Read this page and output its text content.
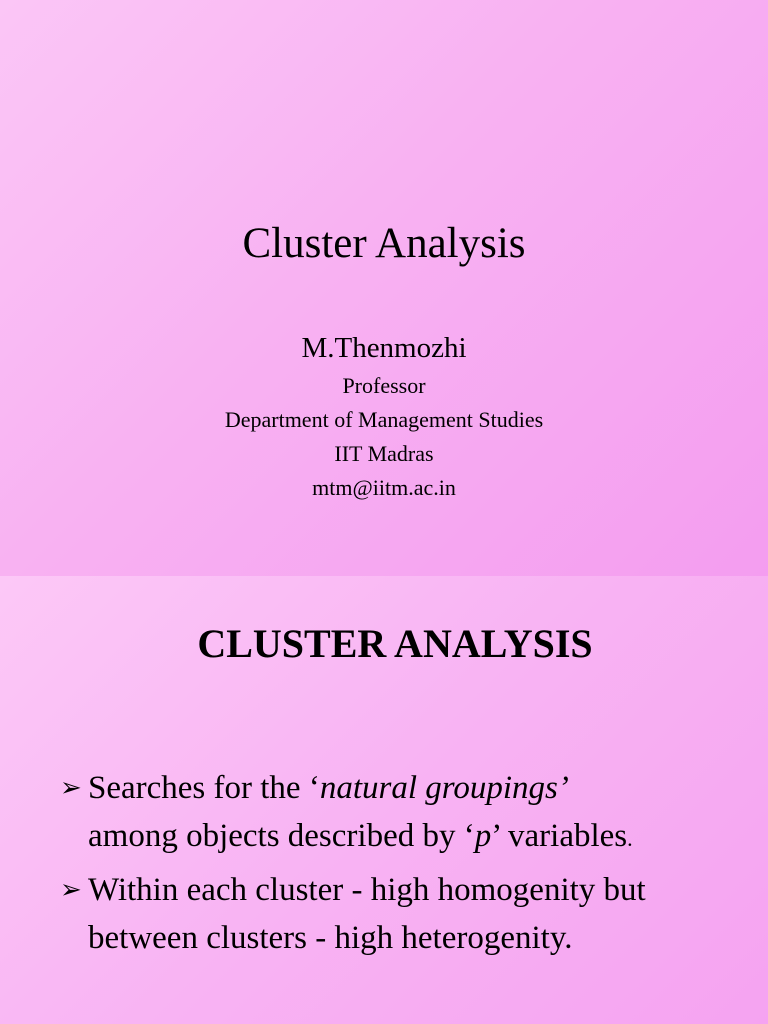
Cluster Analysis
M.Thenmozhi
Professor
Department of Management Studies
IIT Madras
mtm@iitm.ac.in
CLUSTER ANALYSIS
➢ Searches for the ‘natural groupings’
among objects described by ‘p’ variables.
➢ Within each cluster - high homogenity but
between clusters - high heterogenity.
